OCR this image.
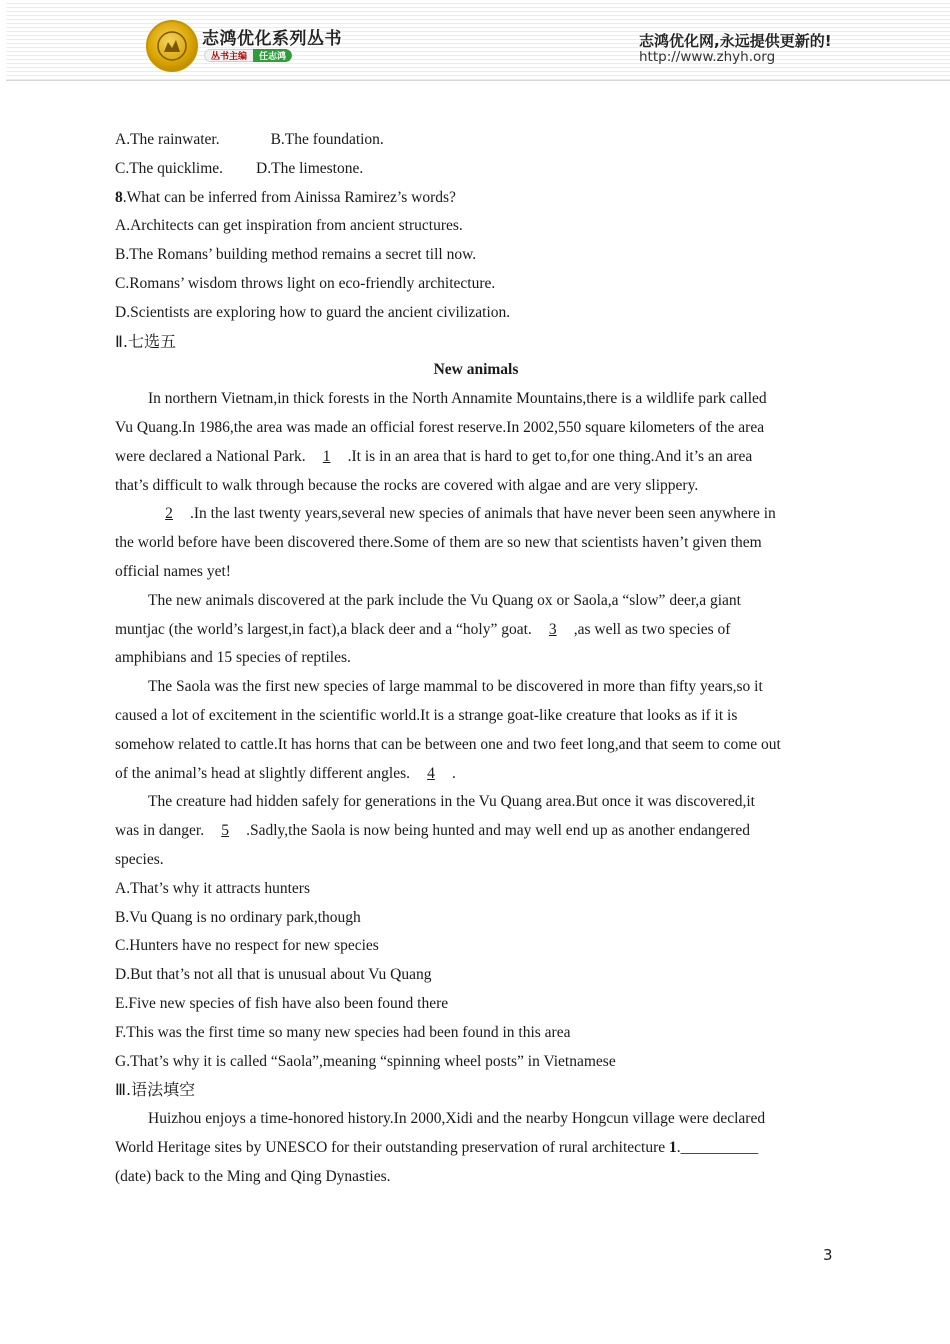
志鸿优化系列丛书
丛书主编	任志鸿
志鸿优化网,永远提供更新的!
http://www.zhyh.org
A.The rainwater.	B.The foundation.
C.The quicklime. D.The limestone.
8.What can be inferred from Ainissa Ramirez’s words?
A.Architects can get inspiration from ancient structures.
B.The Romans’ building method remains a secret till now.
C.Romans’ wisdom throws light on eco-friendly architecture.
D.Scientists are exploring how to guard the ancient civilization.
Ⅱ.七选五
New animals
In northern Vietnam,in thick forests in the North Annamite Mountains,there is a wildlife park called
Vu Quang.In 1986,the area was made an official forest reserve.In 2002,550 square kilometers of the area
were declared a National Park.1.It is in an area that is hard to get to,for one thing.And it’s an area
that’s difficult to walk through because the rocks are covered with algae and are very slippery.
2.In the last twenty years,several new species of animals that have never been seen anywhere in
the world before have been discovered there.Some of them are so new that scientists haven’t given them
official names yet!
The new animals discovered at the park include the Vu Quang ox or Saola,a “slow” deer,a giant
muntjac (the world’s largest,in fact),a black deer and a “holy” goat.3,as well as two species of
amphibians and 15 species of reptiles.
The Saola was the first new species of large mammal to be discovered in more than fifty years,so it
caused a lot of excitement in the scientific world.It is a strange goat-like creature that looks as if it is
somehow related to cattle.It has horns that can be between one and two feet long,and that seem to come out
of the animal’s head at slightly different angles.4.
The creature had hidden safely for generations in the Vu Quang area.But once it was discovered,it
was in danger.5.Sadly,the Saola is now being hunted and may well end up as another endangered
species.
A.That’s why it attracts hunters
B.Vu Quang is no ordinary park,though
C.Hunters have no respect for new species
D.But that’s not all that is unusual about Vu Quang
E.Five new species of fish have also been found there
F.This was the first time so many new species had been found in this area
G.That’s why it is called “Saola”,meaning “spinning wheel posts” in Vietnamese
Ⅲ.语法填空
Huizhou enjoys a time-honored history.In 2000,Xidi and the nearby Hongcun village were declared
World Heritage sites by UNESCO for their outstanding preservation of rural architecture 1.__________
(date) back to the Ming and Qing Dynasties.
3
